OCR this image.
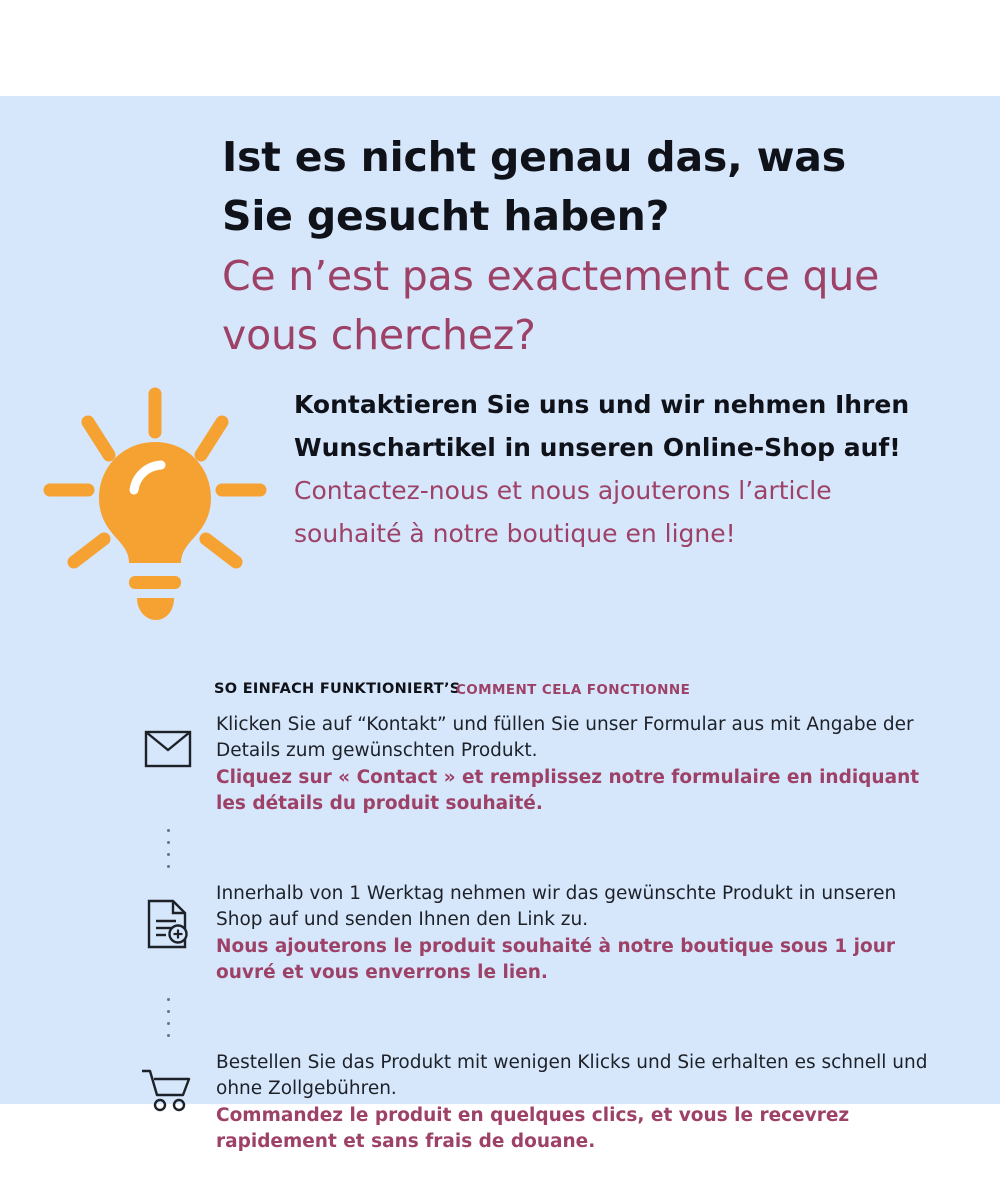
Ist es nicht genau das, was Sie gesucht haben?

Ce n’est pas exactement ce que vous cherchez?

Kontaktieren Sie uns und wir nehmen Ihren Wunschartikel in unseren Online-Shop auf!

Contactez-nous et nous ajouterons l’article souhaité à notre boutique en ligne!

SO EINFACH FUNKTIONIERT’S
COMMENT CELA FONCTIONNE

Klicken Sie auf “Kontakt” und füllen Sie unser Formular aus mit Angabe der Details zum gewünschten Produkt.

Cliquez sur « Contact » et remplissez notre formulaire en indiquant les détails du produit souhaité.

Innerhalb von 1 Werktag nehmen wir das gewünschte Produkt in unseren Shop auf und senden Ihnen den Link zu.

Nous ajouterons le produit souhaité à notre boutique sous 1 jour ouvré et vous enverrons le lien.

Bestellen Sie das Produkt mit wenigen Klicks und Sie erhalten es schnell und ohne Zollgebühren.

Commandez le produit en quelques clics, et vous le recevrez rapidement et sans frais de douane.
